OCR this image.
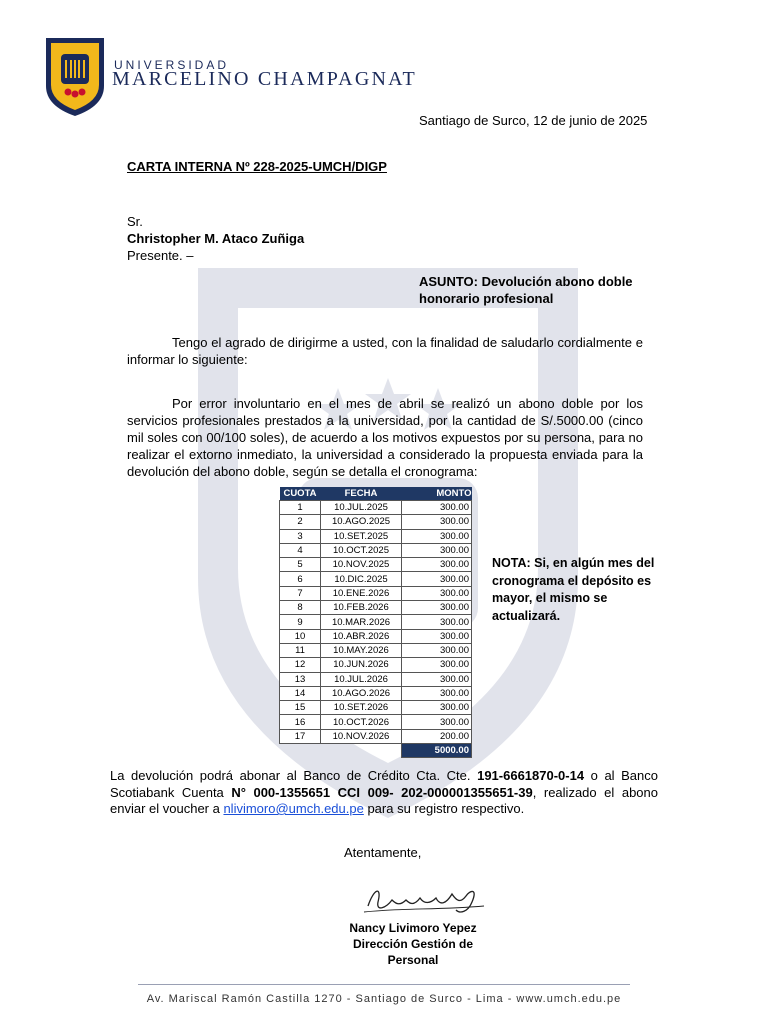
UNIVERSIDAD
MARCELINO CHAMPAGNAT
Santiago de Surco, 12 de junio de 2025
CARTA INTERNA Nº 228-2025-UMCH/DIGP
Sr.
Christopher M. Ataco Zuñiga
Presente. –
ASUNTO: Devolución abono doble honorario profesional
Tengo el agrado de dirigirme a usted, con la finalidad de saludarlo cordialmente e informar lo siguiente:
Por error involuntario en el mes de abril se realizó un abono doble por los servicios profesionales prestados a la universidad, por la cantidad de S/.5000.00 (cinco mil soles con 00/100 soles), de acuerdo a los motivos expuestos por su persona, para no realizar el extorno inmediato, la universidad a considerado la propuesta enviada para la devolución del abono doble, según se detalla el cronograma:
CUOTA	FECHA	MONTO
1	10.JUL.2025	300.00
2	10.AGO.2025	300.00
3	10.SET.2025	300.00
4	10.OCT.2025	300.00
5	10.NOV.2025	300.00
6	10.DIC.2025	300.00
7	10.ENE.2026	300.00
8	10.FEB.2026	300.00
9	10.MAR.2026	300.00
10	10.ABR.2026	300.00
11	10.MAY.2026	300.00
12	10.JUN.2026	300.00
13	10.JUL.2026	300.00
14	10.AGO.2026	300.00
15	10.SET.2026	300.00
16	10.OCT.2026	300.00
17	10.NOV.2026	200.00
		5000.00
NOTA: Si, en algún mes del cronograma el depósito es mayor, el mismo se actualizará.
La devolución podrá abonar al Banco de Crédito Cta. Cte. 191-6661870-0-14 o al Banco Scotiabank Cuenta N° 000-1355651 CCI 009- 202-000001355651-39, realizado el abono enviar el voucher a nlivimoro@umch.edu.pe para su registro respectivo.
Atentamente,
Nancy Livimoro Yepez
Dirección Gestión de Personal
Av. Mariscal Ramón Castilla 1270 - Santiago de Surco - Lima - www.umch.edu.pe
